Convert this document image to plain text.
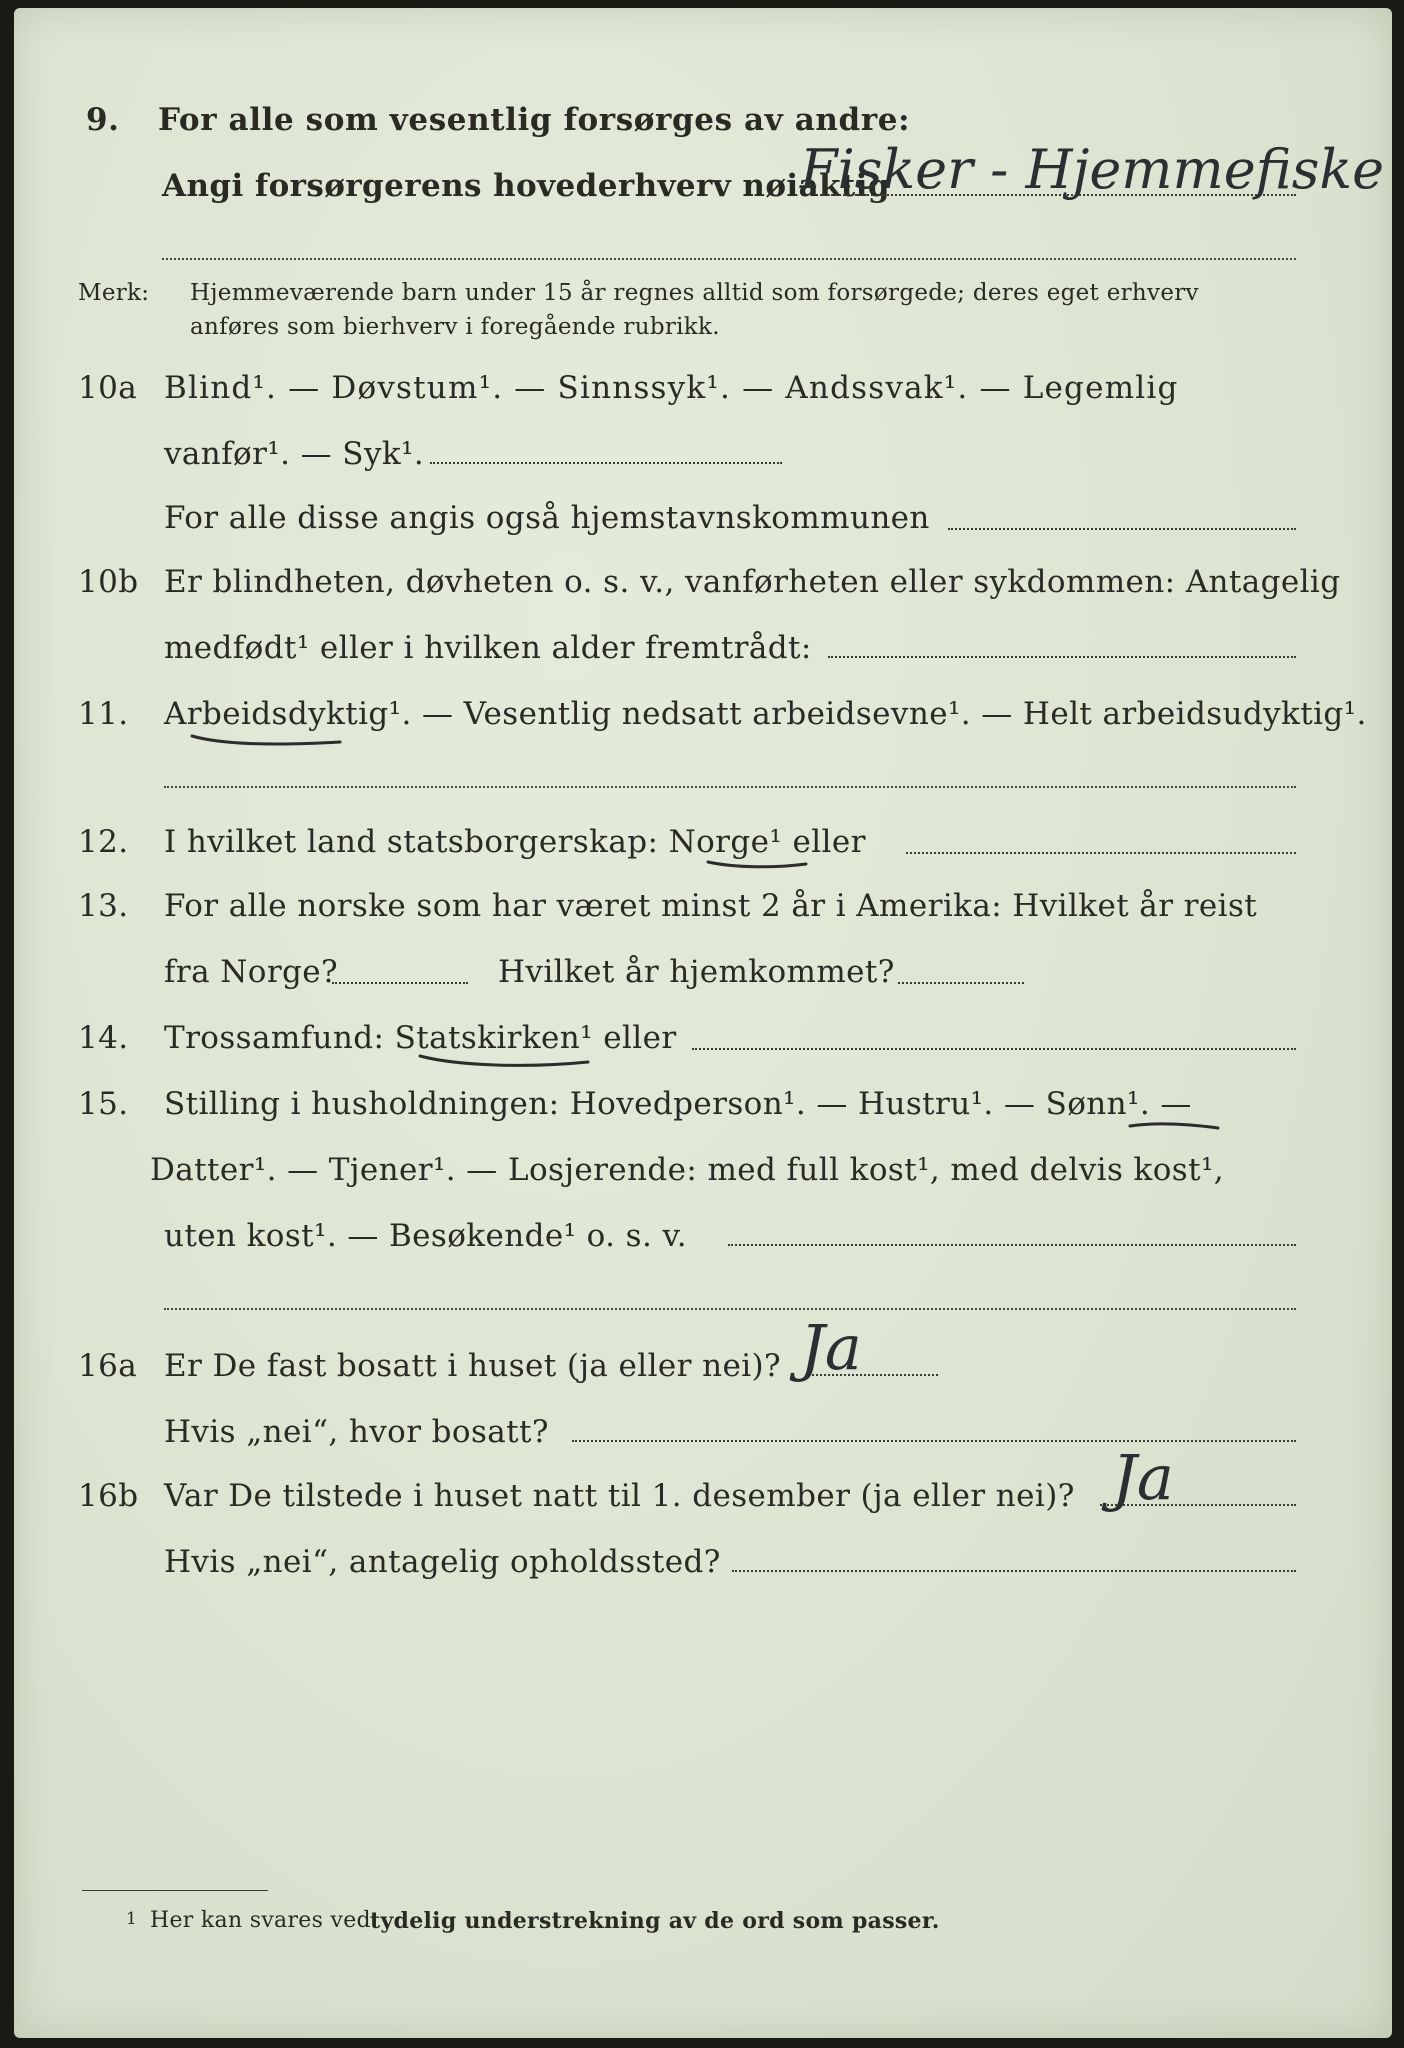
9. For alle som vesentlig forsørges av andre:
Angi forsørgerens hovederhverv nøiaktig
Fisker - Hjemmefiske
Merk: Hjemmeværende barn under 15 år regnes alltid som forsørgede; deres eget erhverv
anføres som bierhverv i foregående rubrikk.
10a Blind¹. — Døvstum¹. — Sinnssyk¹. — Andssvak¹. — Legemlig
vanfør¹. — Syk¹.
For alle disse angis også hjemstavnskommunen
10b Er blindheten, døvheten o. s. v., vanførheten eller sykdommen: Antagelig
medfødt¹ eller i hvilken alder fremtrådt:
11. Arbeidsdyktig¹. — Vesentlig nedsatt arbeidsevne¹. — Helt arbeidsudyktig¹.
12. I hvilket land statsborgerskap: Norge¹ eller
13. For alle norske som har været minst 2 år i Amerika: Hvilket år reist
fra Norge?	Hvilket år hjemkommet?
14. Trossamfund: Statskirken¹ eller
15. Stilling i husholdningen: Hovedperson¹. — Hustru¹. — Sønn¹. —
Datter¹. — Tjener¹. — Losjerende: med full kost¹, med delvis kost¹,
uten kost¹. — Besøkende¹ o. s. v.
16a Er De fast bosatt i huset (ja eller nei)? Ja
Hvis „nei“, hvor bosatt?
16b Var De tilstede i huset natt til 1. desember (ja eller nei)? Ja
Hvis „nei“, antagelig opholdssted?
1 Her kan svares ved tydelig understrekning av de ord som passer.
